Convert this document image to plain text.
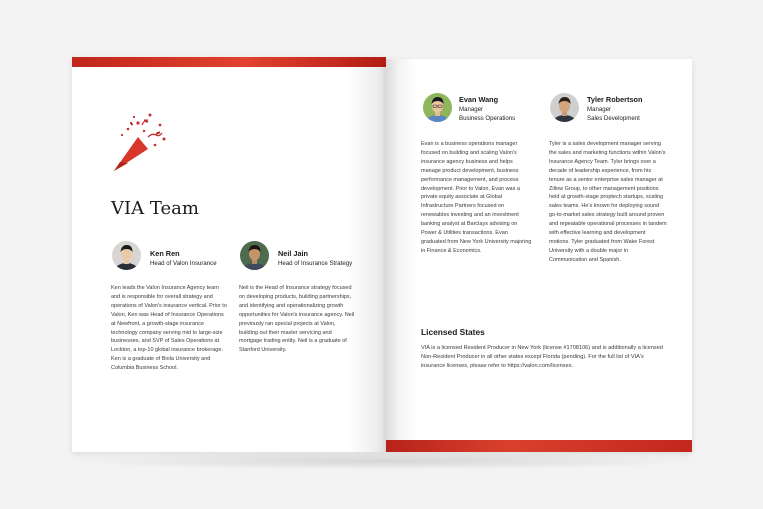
VIA Team
Ken Ren
Head of Valon Insurance

Ken leads the Valon Insurance Agency team and is responsible for overall strategy and operations of Valon's insurance vertical. Prior to Valon, Ken was Head of Insurance Operations at Newfront, a growth-stage insurance technology company serving mid to large-size businesses, and SVP of Sales Operations at Lockton, a top-10 global insurance brokerage. Ken is a graduate of Biola University and Columbia Business School.

Neil Jain
Head of Insurance Strategy

Neil is the Head of Insurance strategy focused on developing products, building partnerships, and identifying and operationalizing growth opportunities for Valon's insurance agency. Neil previously ran special projects at Valon, building out their master servicing and mortgage trading entity. Neil is a graduate of Stanford University.

Evan Wang
Manager
Business Operations

Evan is a business operations manager focused on building and scaling Valon's insurance agency business and helps manage product development, business performance management, and process development. Prior to Valon, Evan was a private equity associate at Global Infrastructure Partners focused on renewables investing and an investment banking analyst at Barclays advising on Power & Utilities transactions. Evan graduated from New York University majoring in Finance & Economics.

Tyler Robertson
Manager
Sales Development

Tyler is a sales development manager serving the sales and marketing functions within Valon's Insurance Agency Team. Tyler brings over a decade of leadership experience, from his tenure as a senior enterprise sales manager at Zillow Group, to other management positions held at growth-stage proptech startups, scaling sales teams. He's known for deploying sound go-to-market sales strategy built around proven and repeatable operational processes in tandem with effective learning and development motions. Tyler graduated from Wake Forest University with a double major in Communication and Spanish.

Licensed States

VIA is a licensed Resident Producer in New York (license #1708106) and is additionally a licensed Non-Resident Producer in all other states except Florida (pending). For the full list of VIA's insurance licenses, please refer to https://valon.com/licenses.
